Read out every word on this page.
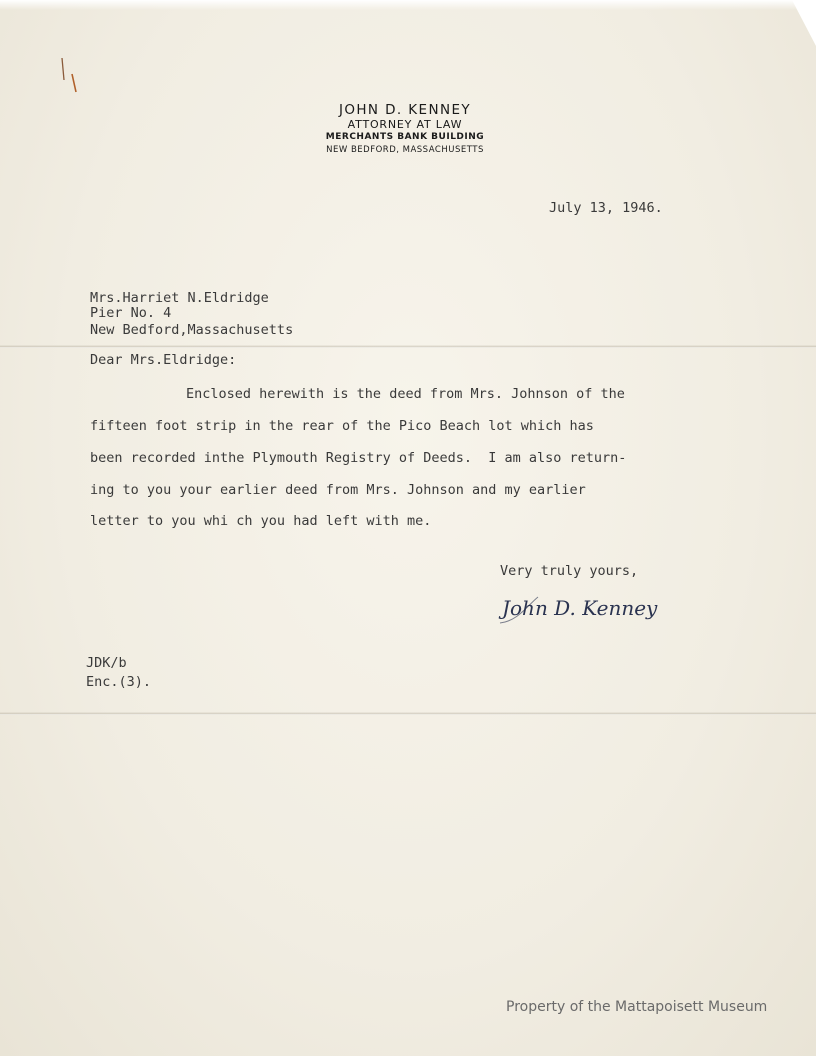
JOHN D. KENNEY
ATTORNEY AT LAW
MERCHANTS BANK BUILDING
NEW BEDFORD, MASSACHUSETTS
July 13, 1946.
Mrs.Harriet N.Eldridge
Pier No. 4
New Bedford,Massachusetts
Dear Mrs.Eldridge:
Enclosed herewith is the deed from Mrs. Johnson of the
fifteen foot strip in the rear of the Pico Beach lot which has
been recorded inthe Plymouth Registry of Deeds.  I am also return-
ing to you your earlier deed from Mrs. Johnson and my earlier
letter to you whi ch you had left with me.
Very truly yours,
John D. Kenney
JDK/b
Enc.(3).
Property of the Mattapoisett Museum
